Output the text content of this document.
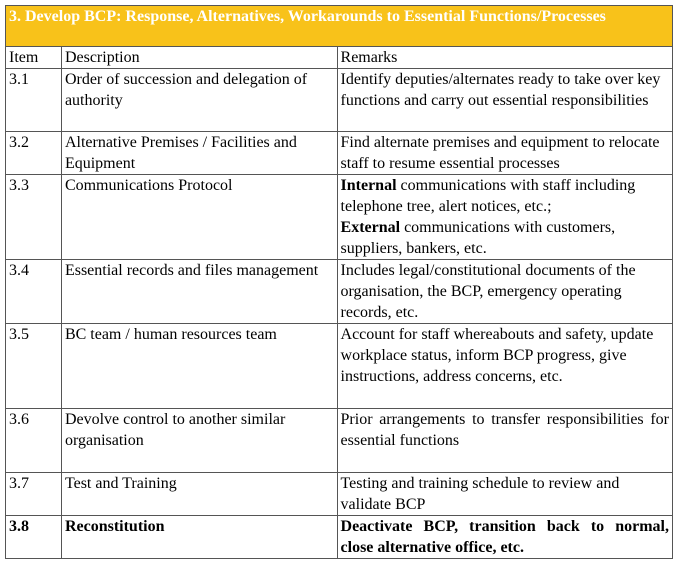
3. Develop BCP: Response, Alternatives, Workarounds to Essential Functions/Processes		
Item	Description	Remarks
3.1	Order of succession and delegation of authority	Identify deputies/alternates ready to take over key functions and carry out essential responsibilities
3.2	Alternative Premises / Facilities and Equipment	Find alternate premises and equipment to relocate staff to resume essential processes
3.3	Communications Protocol	Internal communications with staff including telephone tree, alert notices, etc.;
External communications with customers, suppliers, bankers, etc.
3.4	Essential records and files management	Includes legal/constitutional documents of the organisation, the BCP, emergency operating records, etc.
3.5	BC team / human resources team	Account for staff whereabouts and safety, update workplace status, inform BCP progress, give instructions, address concerns, etc.
3.6	Devolve control to another similar organisation	Prior arrangements to transfer responsibilities for essential functions
3.7	Test and Training	Testing and training schedule to review and validate BCP
3.8	Reconstitution	Deactivate BCP, transition back to normal, close alternative office, etc.
